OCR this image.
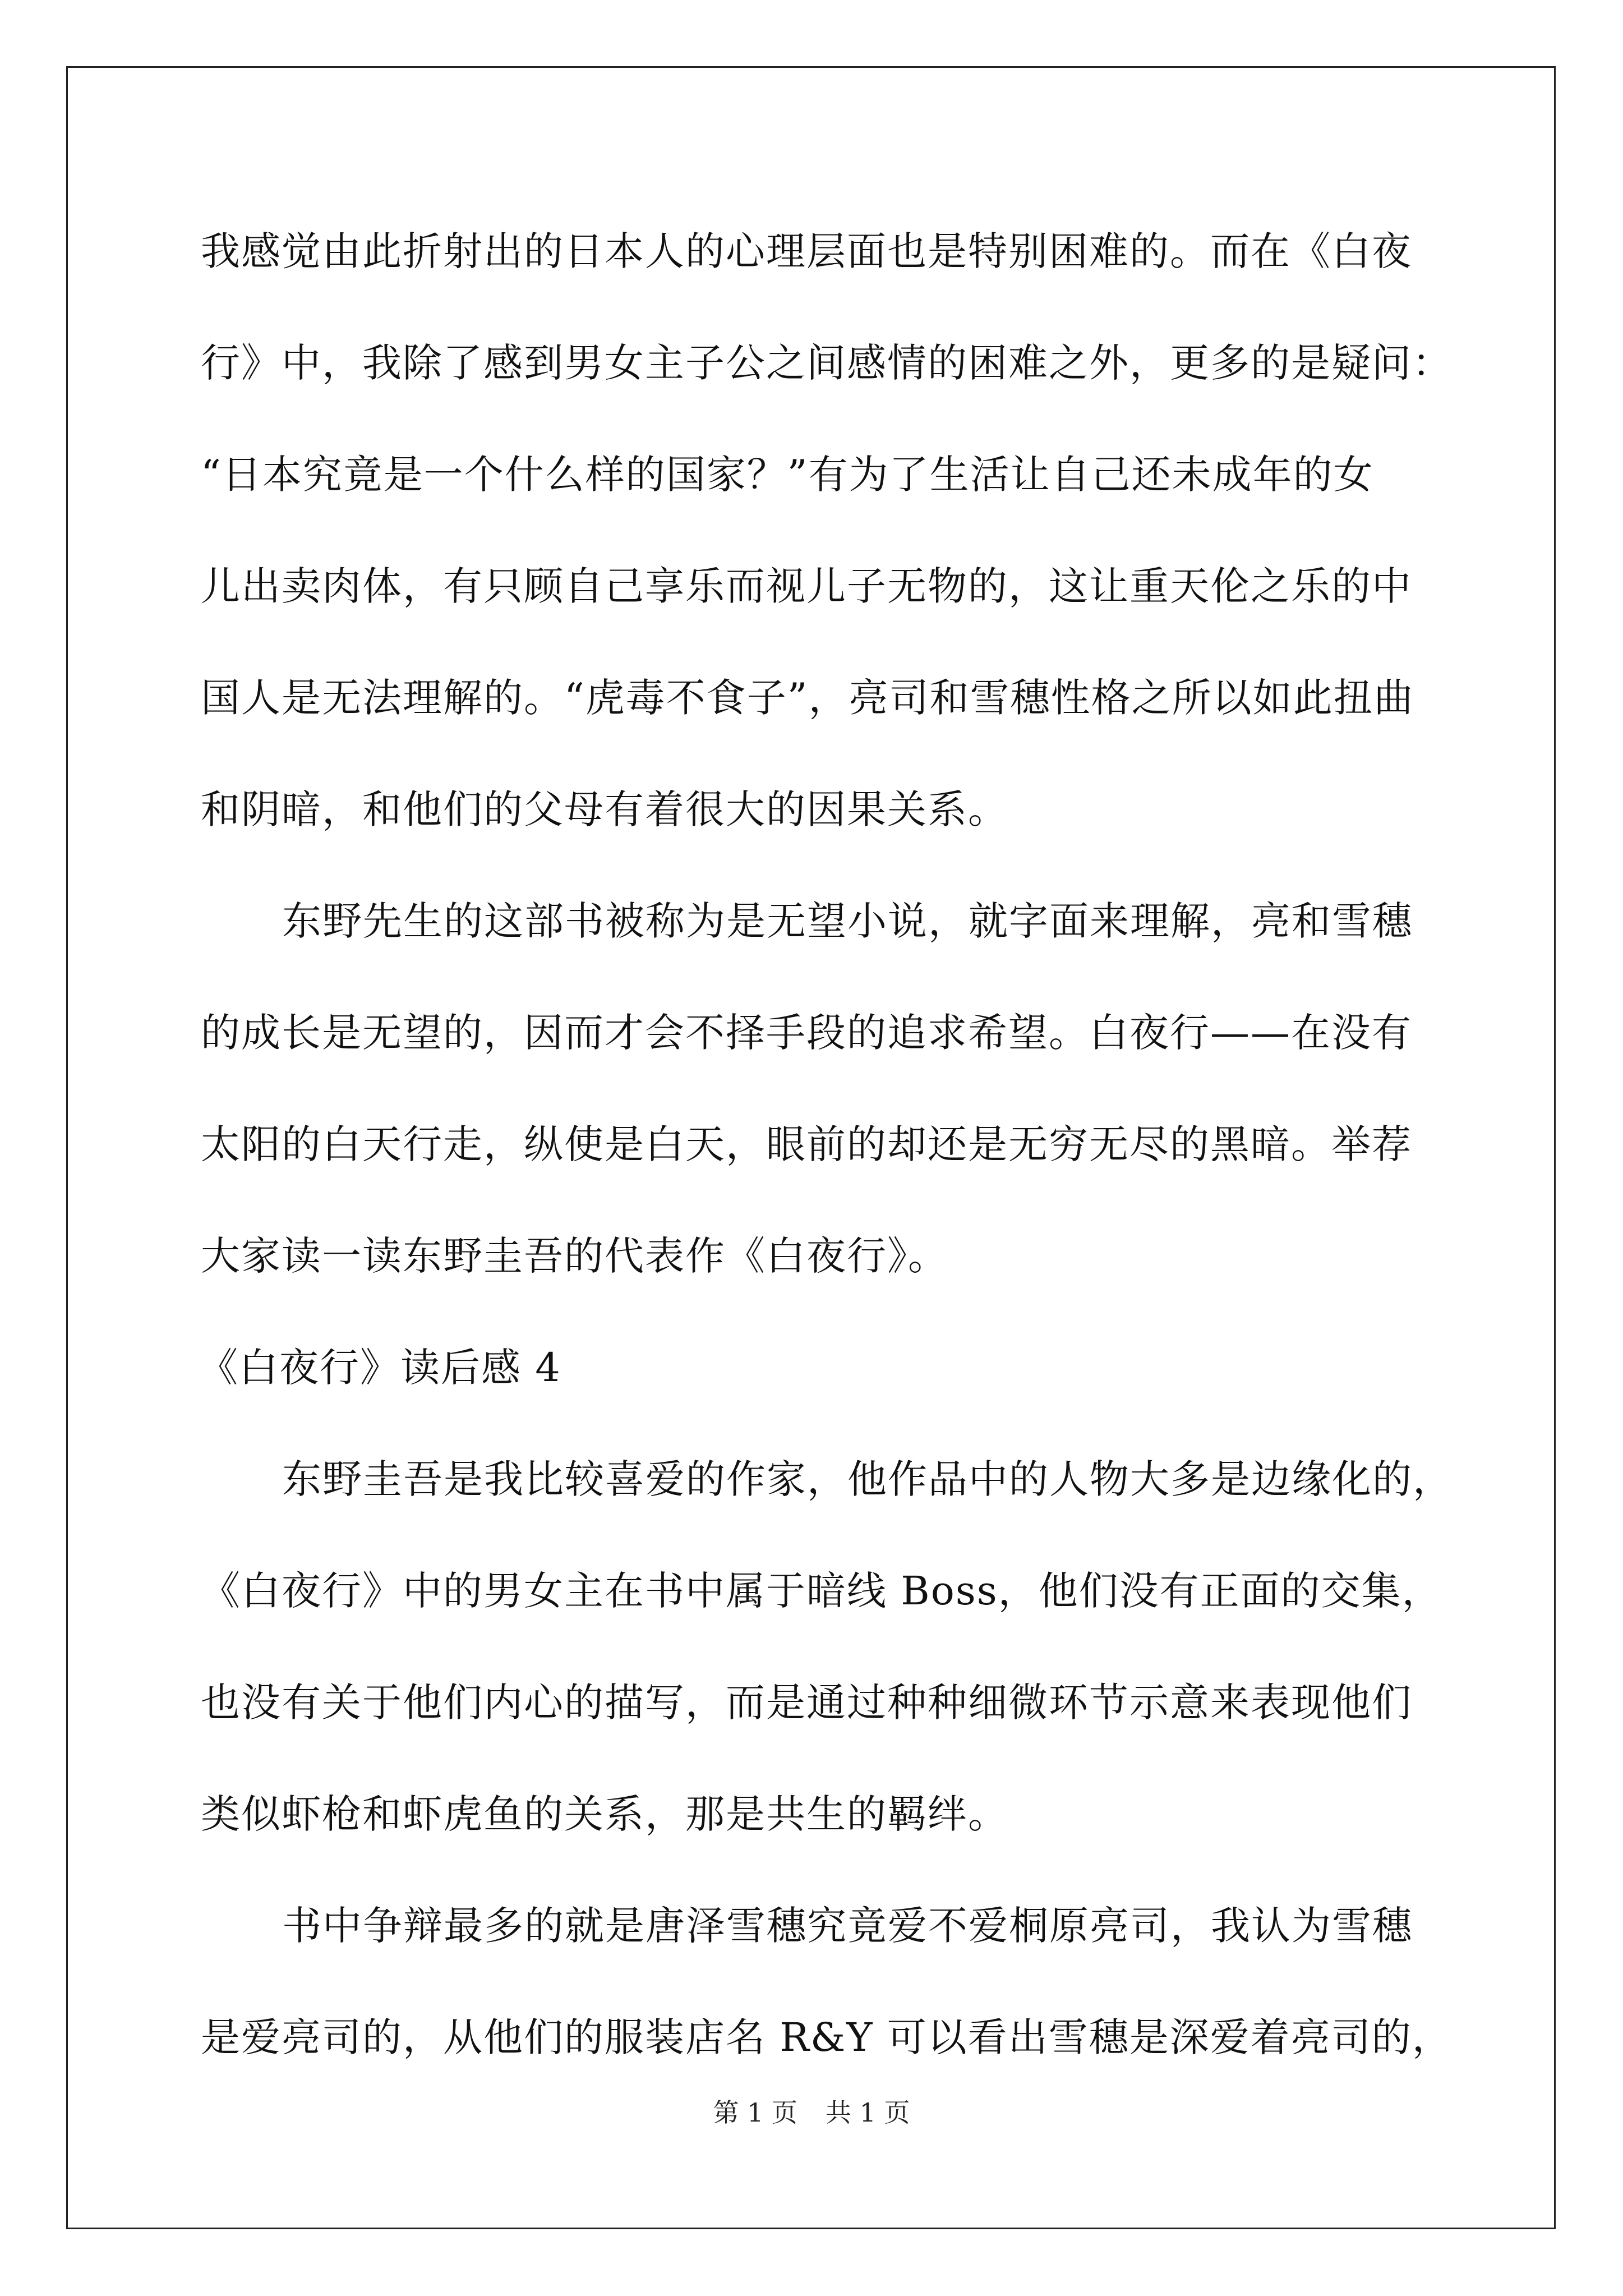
我感觉由此折射出的日本人的心理层面也是特别困难的。而在《白夜
行》中，我除了感到男女主子公之间感情的困难之外，更多的是疑问：
“日本究竟是一个什么样的国家？”有为了生活让自己还未成年的女
儿出卖肉体，有只顾自己享乐而视儿子无物的，这让重天伦之乐的中
国人是无法理解的。“虎毒不食子”，亮司和雪穗性格之所以如此扭曲
和阴暗，和他们的父母有着很大的因果关系。
东野先生的这部书被称为是无望小说，就字面来理解，亮和雪穗
的成长是无望的，因而才会不择手段的追求希望。白夜行——在没有
太阳的白天行走，纵使是白天，眼前的却还是无穷无尽的黑暗。举荐
大家读一读东野圭吾的代表作《白夜行》。
《白夜行》读后感 4
东野圭吾是我比较喜爱的作家，他作品中的人物大多是边缘化的，
《白夜行》中的男女主在书中属于暗线 Boss，他们没有正面的交集，
也没有关于他们内心的描写，而是通过种种细微环节示意来表现他们
类似虾枪和虾虎鱼的关系，那是共生的羁绊。
书中争辩最多的就是唐泽雪穗究竟爱不爱桐原亮司，我认为雪穗
是爱亮司的，从他们的服装店名 R&Y 可以看出雪穗是深爱着亮司的，
第 1 页 共 1 页
